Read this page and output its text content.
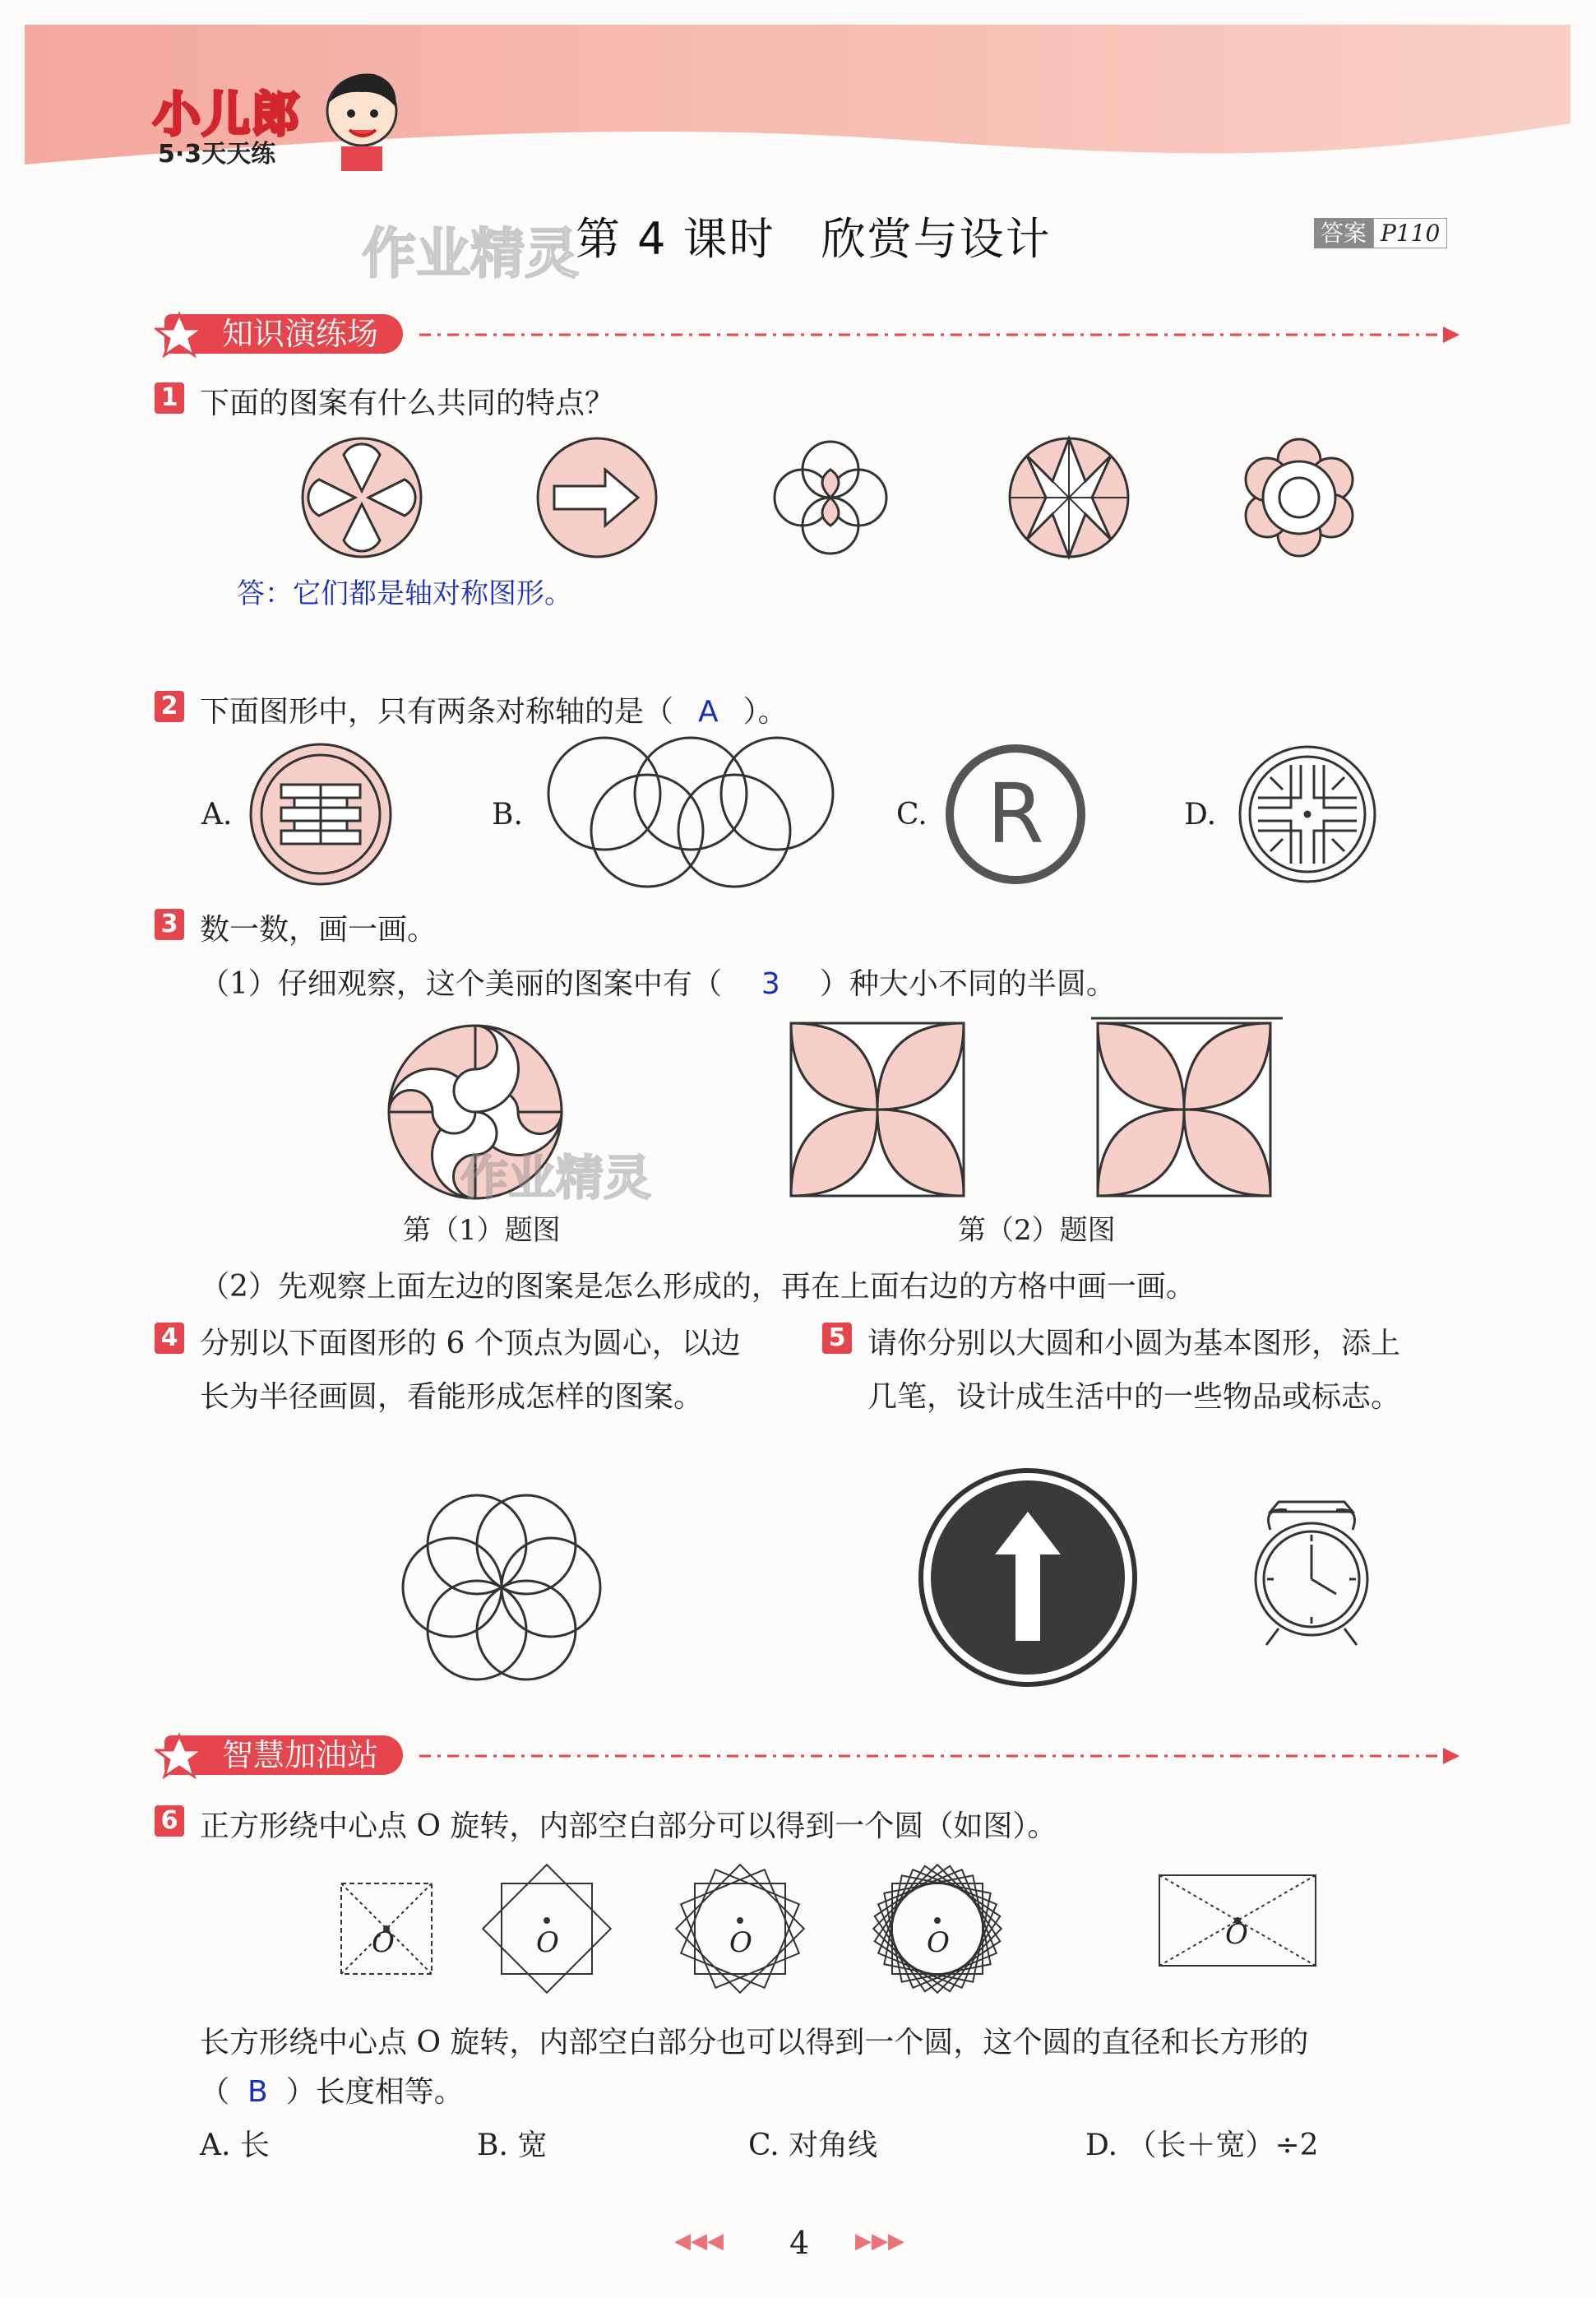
小儿郎
5·3天天练
作业精灵
第 4 课时　欣赏与设计	答案 P110
知识演练场
1 下面的图案有什么共同的特点？
答：它们都是轴对称图形。
2 下面图形中，只有两条对称轴的是（ A ）。
A.	B.	C.	D.
R
3 数一数，画一画。
（1）仔细观察，这个美丽的图案中有（ 3 ）种大小不同的半圆。
作业精灵
第（1）题图	第（2）题图
（2）先观察上面左边的图案是怎么形成的，再在上面右边的方格中画一画。
4 分别以下面图形的 6 个顶点为圆心，以边
长为半径画圆，看能形成怎样的图案。
5 请你分别以大圆和小圆为基本图形，添上
几笔，设计成生活中的一些物品或标志。
智慧加油站
6 正方形绕中心点 O 旋转，内部空白部分可以得到一个圆（如图）。
O	O	O	O	O
长方形绕中心点 O 旋转，内部空白部分也可以得到一个圆，这个圆的直径和长方形的
（ B ）长度相等。
A. 长	B. 宽	C. 对角线	D. （长＋宽）÷2
◀◀◀ 4 ▶▶▶
